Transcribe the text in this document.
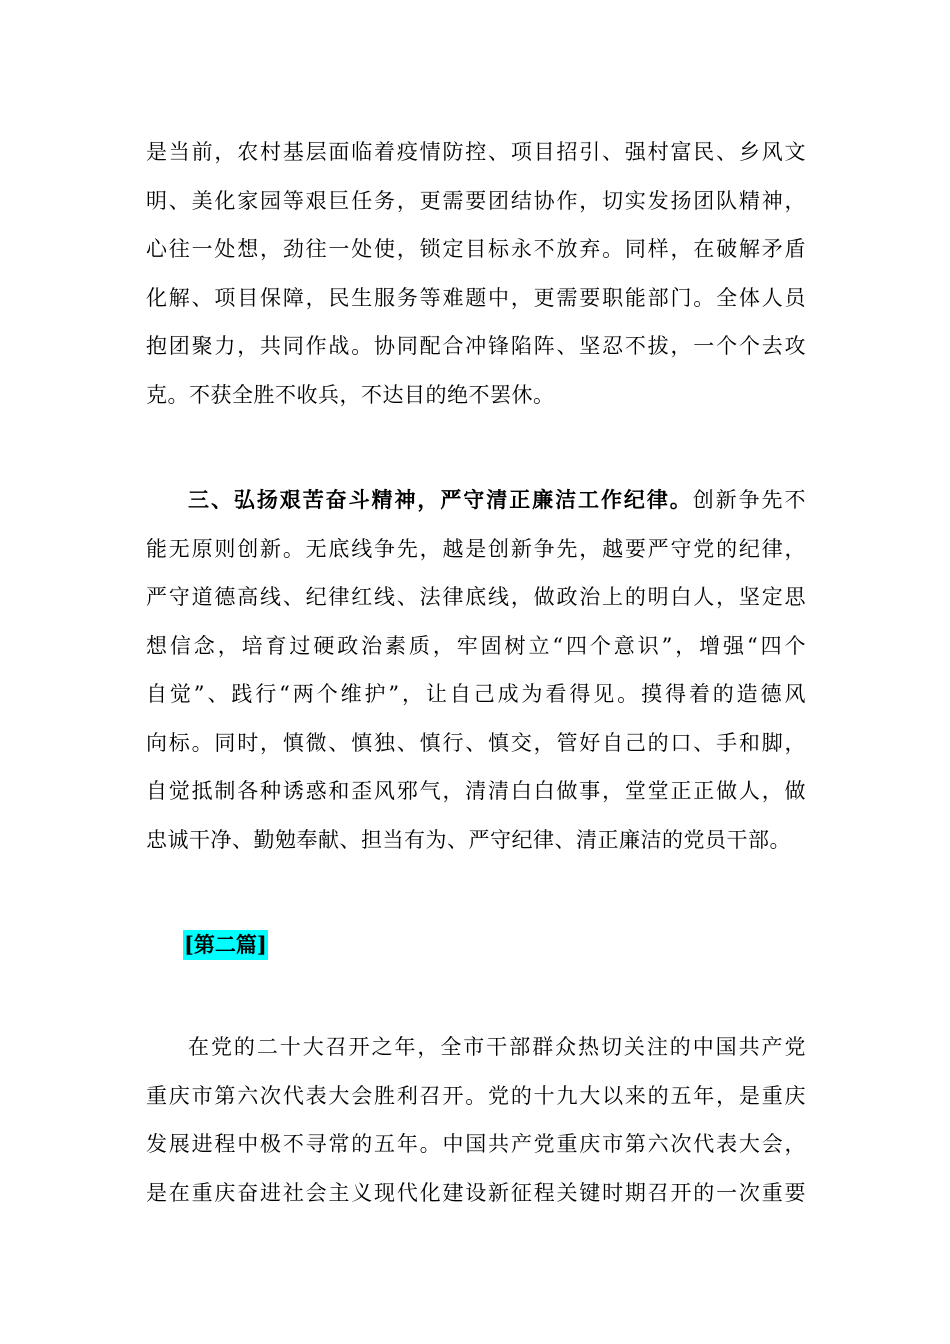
是当前，农村基层面临着疫情防控、项目招引、强村富民、乡风文
明、美化家园等艰巨任务，更需要团结协作，切实发扬团队精神，
心往一处想，劲往一处使，锁定目标永不放弃。同样，在破解矛盾
化解、项目保障，民生服务等难题中，更需要职能部门。全体人员
抱团聚力，共同作战。协同配合冲锋陷阵、坚忍不拔，一个个去攻
克。不获全胜不收兵，不达目的绝不罢休。
三、弘扬艰苦奋斗精神，严守清正廉洁工作纪律。创新争先不
能无原则创新。无底线争先，越是创新争先，越要严守党的纪律，
严守道德高线、纪律红线、法律底线，做政治上的明白人，坚定思
想信念，培育过硬政治素质，牢固树立“四个意识”，增强“四个
自觉”、践行“两个维护”，让自己成为看得见。摸得着的造德风
向标。同时，慎微、慎独、慎行、慎交，管好自己的口、手和脚，
自觉抵制各种诱惑和歪风邪气，清清白白做事，堂堂正正做人，做
忠诚干净、勤勉奉献、担当有为、严守纪律、清正廉洁的党员干部。
[第二篇]
在党的二十大召开之年，全市干部群众热切关注的中国共产党
重庆市第六次代表大会胜利召开。党的十九大以来的五年，是重庆
发展进程中极不寻常的五年。中国共产党重庆市第六次代表大会，
是在重庆奋进社会主义现代化建设新征程关键时期召开的一次重要
